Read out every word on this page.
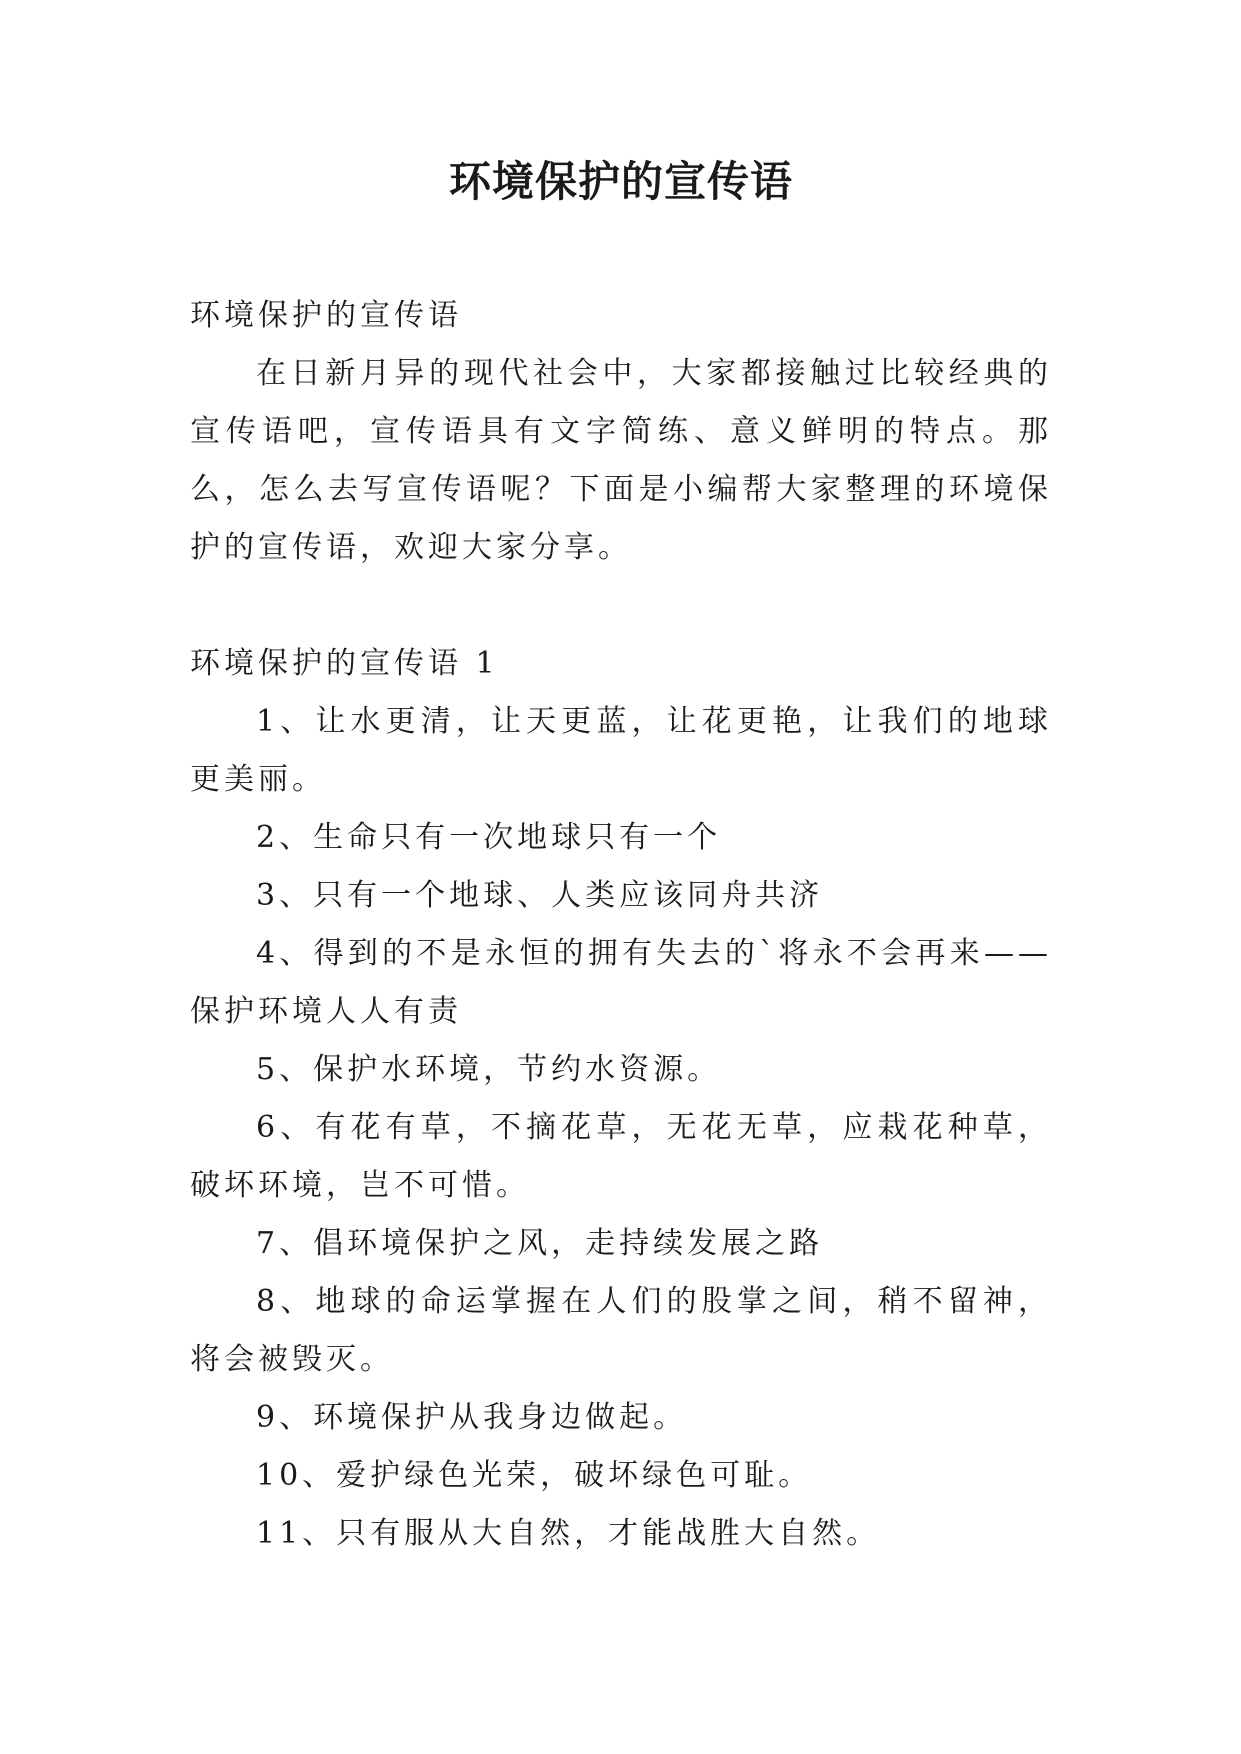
环境保护的宣传语

环境保护的宣传语

在日新月异的现代社会中，大家都接触过比较经典的宣传语吧，宣传语具有文字简练、意义鲜明的特点。那么，怎么去写宣传语呢？下面是小编帮大家整理的环境保护的宣传语，欢迎大家分享。

环境保护的宣传语 1

1、让水更清，让天更蓝，让花更艳，让我们的地球更美丽。

2、生命只有一次地球只有一个

3、只有一个地球、人类应该同舟共济

4、得到的不是永恒的拥有失去的`将永不会再来——保护环境人人有责

5、保护水环境，节约水资源。

6、有花有草，不摘花草，无花无草，应栽花种草，破坏环境，岂不可惜。

7、倡环境保护之风，走持续发展之路

8、地球的命运掌握在人们的股掌之间，稍不留神，将会被毁灭。

9、环境保护从我身边做起。

10、爱护绿色光荣，破坏绿色可耻。

11、只有服从大自然，才能战胜大自然。
